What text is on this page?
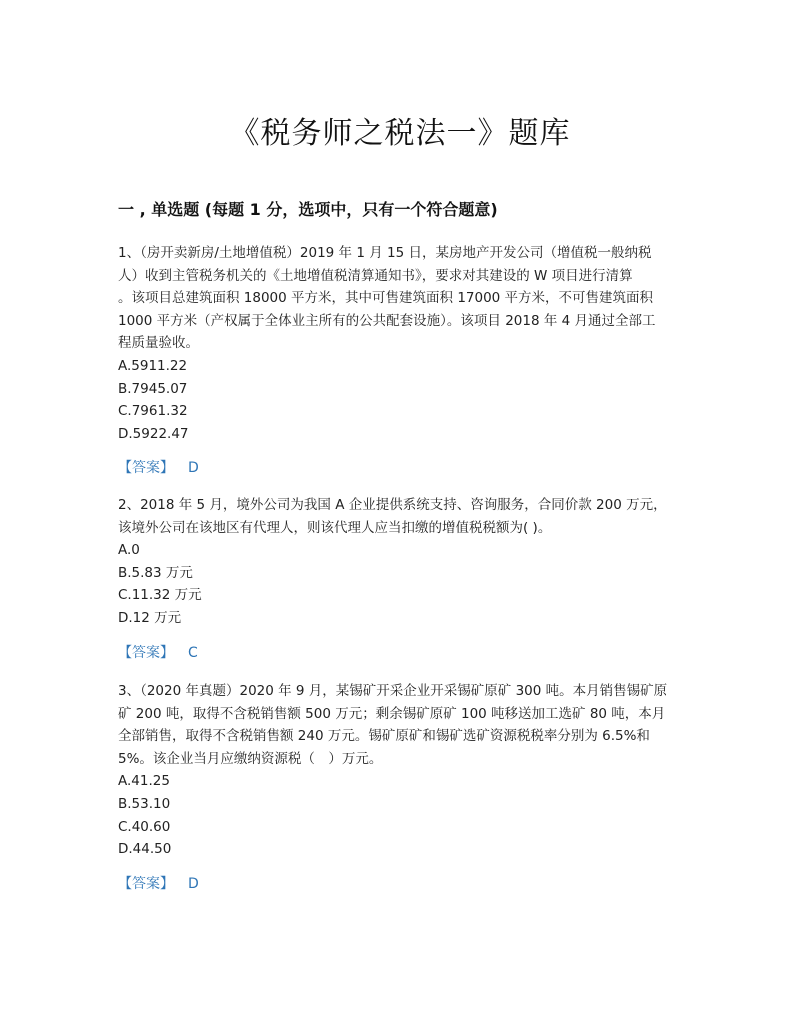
《税务师之税法一》题库
一 , 单选题 (每题 1 分，选项中，只有一个符合题意)
1、（房开卖新房/土地增值税）2019 年 1 月 15 日，某房地产开发公司（增值税一般纳税
人）收到主管税务机关的《土地增值税清算通知书》，要求对其建设的 W 项目进行清算
。该项目总建筑面积 18000 平方米，其中可售建筑面积 17000 平方米，不可售建筑面积
1000 平方米（产权属于全体业主所有的公共配套设施）。该项目 2018 年 4 月通过全部工
程质量验收。
A.5911.22
B.7945.07
C.7961.32
D.5922.47
【答案】 D
2、2018 年 5 月，境外公司为我国 A 企业提供系统支持、咨询服务，合同价款 200 万元，
该境外公司在该地区有代理人，则该代理人应当扣缴的增值税税额为( )。
A.0
B.5.83 万元
C.11.32 万元
D.12 万元
【答案】 C
3、（2020 年真题）2020 年 9 月，某锡矿开采企业开采锡矿原矿 300 吨。本月销售锡矿原
矿 200 吨，取得不含税销售额 500 万元；剩余锡矿原矿 100 吨移送加工选矿 80 吨，本月
全部销售，取得不含税销售额 240 万元。锡矿原矿和锡矿选矿资源税税率分别为 6.5%和
5%。该企业当月应缴纳资源税（　）万元。
A.41.25
B.53.10
C.40.60
D.44.50
【答案】 D
